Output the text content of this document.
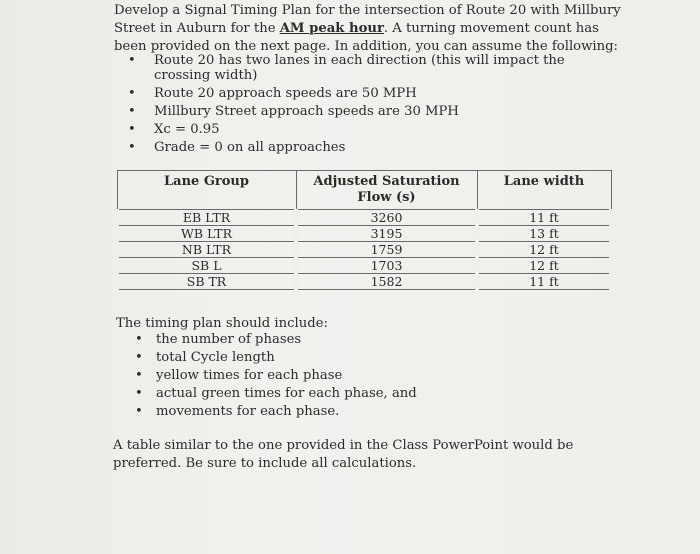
Develop a Signal Timing Plan for the intersection of Route 20 with Millbury Street in Auburn for the AM peak hour. A turning movement count has been provided on the next page. In addition, you can assume the following:

• Route 20 has two lanes in each direction (this will impact the crossing width)
• Route 20 approach speeds are 50 MPH
• Millbury Street approach speeds are 30 MPH
• Xc = 0.95
• Grade = 0 on all approaches
Lane Group	Adjusted Saturation Flow (s)	Lane width
EB LTR	3260	11 ft
WB LTR	3195	13 ft
NB LTR	1759	12 ft
SB L	1703	12 ft
SB TR	1582	11 ft

The timing plan should include:

• the number of phases
• total Cycle length
• yellow times for each phase
• actual green times for each phase, and
• movements for each phase.

A table similar to the one provided in the Class PowerPoint would be preferred. Be sure to include all calculations.
